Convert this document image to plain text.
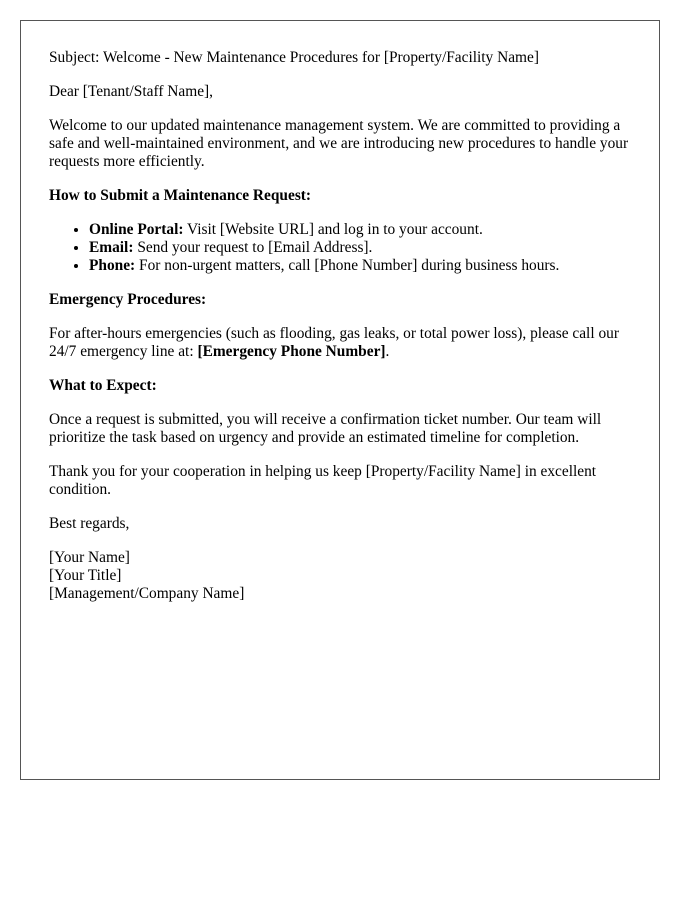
Subject: Welcome - New Maintenance Procedures for [Property/Facility Name]

Dear [Tenant/Staff Name],

Welcome to our updated maintenance management system. We are committed to providing a safe and well-maintained environment, and we are introducing new procedures to handle your requests more efficiently.

How to Submit a Maintenance Request:

• Online Portal: Visit [Website URL] and log in to your account.
• Email: Send your request to [Email Address].
• Phone: For non-urgent matters, call [Phone Number] during business hours.

Emergency Procedures:

For after-hours emergencies (such as flooding, gas leaks, or total power loss), please call our 24/7 emergency line at: [Emergency Phone Number].

What to Expect:

Once a request is submitted, you will receive a confirmation ticket number. Our team will prioritize the task based on urgency and provide an estimated timeline for completion.

Thank you for your cooperation in helping us keep [Property/Facility Name] in excellent condition.

Best regards,

[Your Name]
[Your Title]
[Management/Company Name]
